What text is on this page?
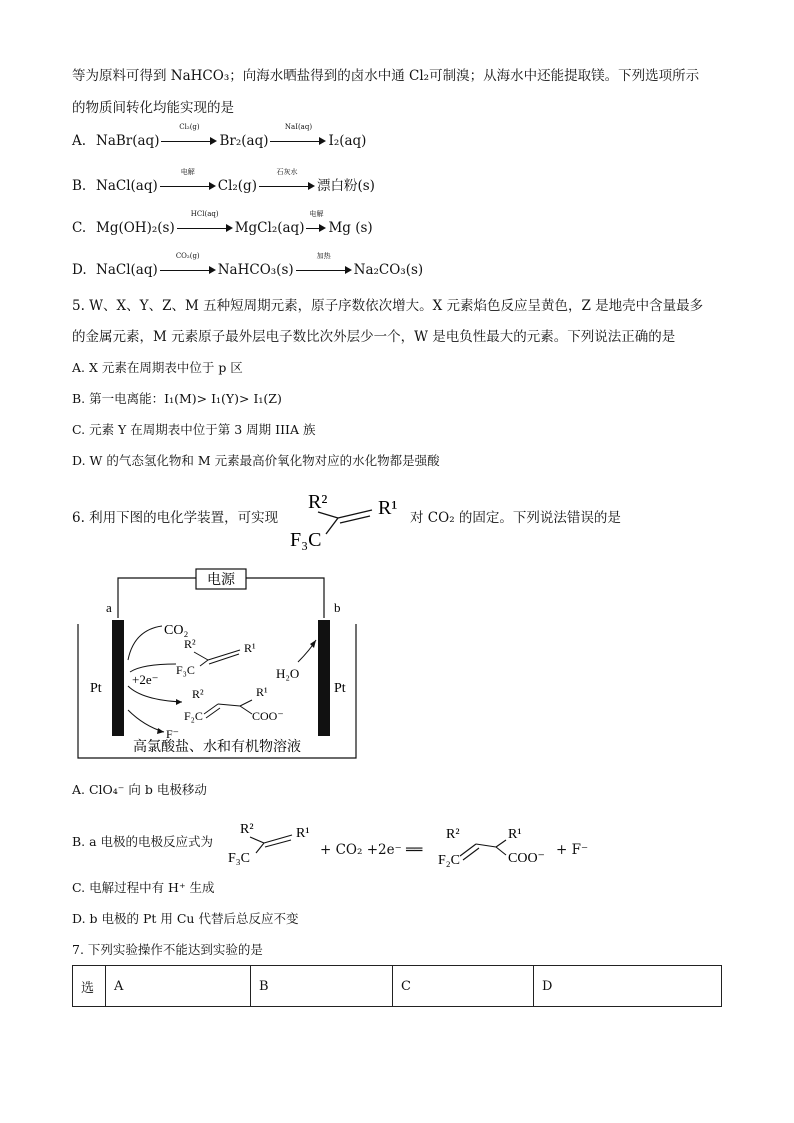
等为原料可得到 NaHCO₃；向海水晒盐得到的卤水中通 Cl₂可制溴；从海水中还能提取镁。下列选项所示
的物质间转化均能实现的是
A. NaBr(aq)
Cl₂(g)
Br₂(aq)
NaI(aq)
I₂(aq)
B. NaCl(aq)
电解
Cl₂(g)
石灰水
漂白粉(s)
C. Mg(OH)₂(s)
HCl(aq)
MgCl₂(aq)
电解
Mg (s)
D. NaCl(aq)
CO₂(g)
NaHCO₃(s)
加热
Na₂CO₃(s)
5. W、X、Y、Z、M 五种短周期元素，原子序数依次增大。X 元素焰色反应呈黄色，Z 是地壳中含量最多
的金属元素，M 元素原子最外层电子数比次外层少一个，W 是电负性最大的元素。下列说法正确的是
A. X 元素在周期表中位于 p 区
B. 第一电离能：I₁(M)> I₁(Y)> I₁(Z)
C. 元素 Y 在周期表中位于第 3 周期 IIIA 族
D. W 的气态氢化物和 M 元素最高价氧化物对应的水化物都是强酸
6. 利用下图的电化学装置，可实现
R²
F₃C
R¹ 对 CO₂ 的固定。下列说法错误的是
电源
a	b
Pt	Pt
CO₂
R²	R¹
F₃C
+2e⁻
R²	R¹
F₂C	COO⁻
F⁻
H₂O
高氯酸盐、水和有机物溶液
A. ClO₄⁻ 向 b 电极移动
B. a 电极的电极反应式为
R²
F₃C
R¹
+ CO₂ +2e⁻ ══
R²	R¹
F₂C	COO⁻
+ F⁻
C. 电解过程中有 H⁺ 生成
D. b 电极的 Pt 用 Cu 代替后总反应不变
7. 下列实验操作不能达到实验的是
选	A	B	C	D
